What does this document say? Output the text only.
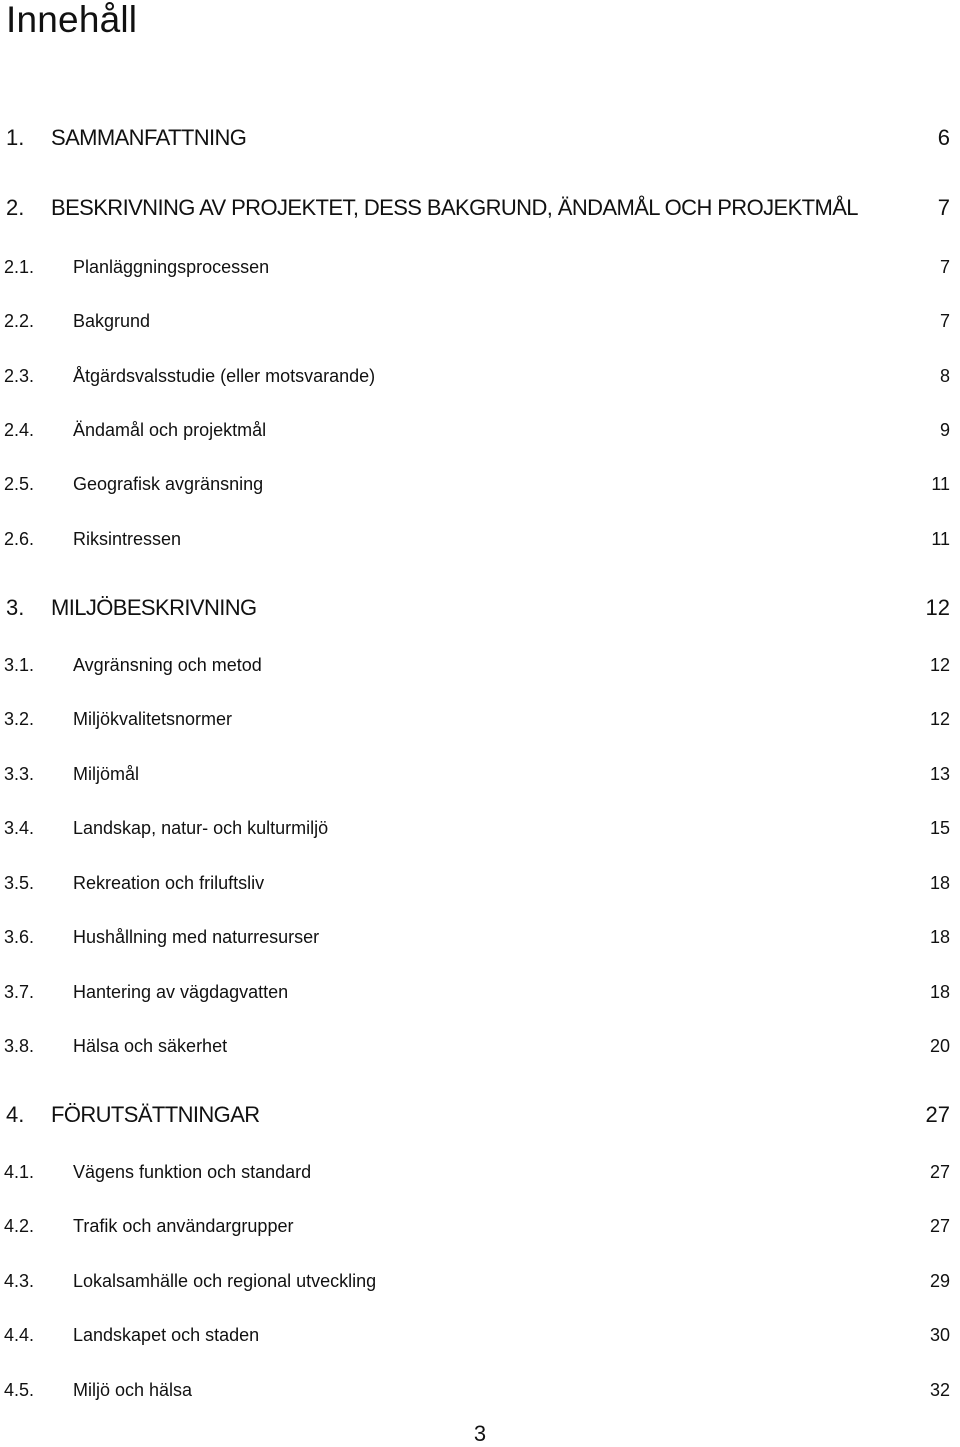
Innehåll
1. SAMMANFATTNING	6
2. BESKRIVNING AV PROJEKTET, DESS BAKGRUND, ÄNDAMÅL OCH PROJEKTMÅL	7
2.1. Planläggningsprocessen	7
2.2. Bakgrund	7
2.3. Åtgärdsvalsstudie (eller motsvarande)	8
2.4. Ändamål och projektmål	9
2.5. Geografisk avgränsning	11
2.6. Riksintressen	11
3. MILJÖBESKRIVNING	12
3.1. Avgränsning och metod	12
3.2. Miljökvalitetsnormer	12
3.3. Miljömål	13
3.4. Landskap, natur- och kulturmiljö	15
3.5. Rekreation och friluftsliv	18
3.6. Hushållning med naturresurser	18
3.7. Hantering av vägdagvatten	18
3.8. Hälsa och säkerhet	20
4. FÖRUTSÄTTNINGAR	27
4.1. Vägens funktion och standard	27
4.2. Trafik och användargrupper	27
4.3. Lokalsamhälle och regional utveckling	29
4.4. Landskapet och staden	30
4.5. Miljö och hälsa	32
3
